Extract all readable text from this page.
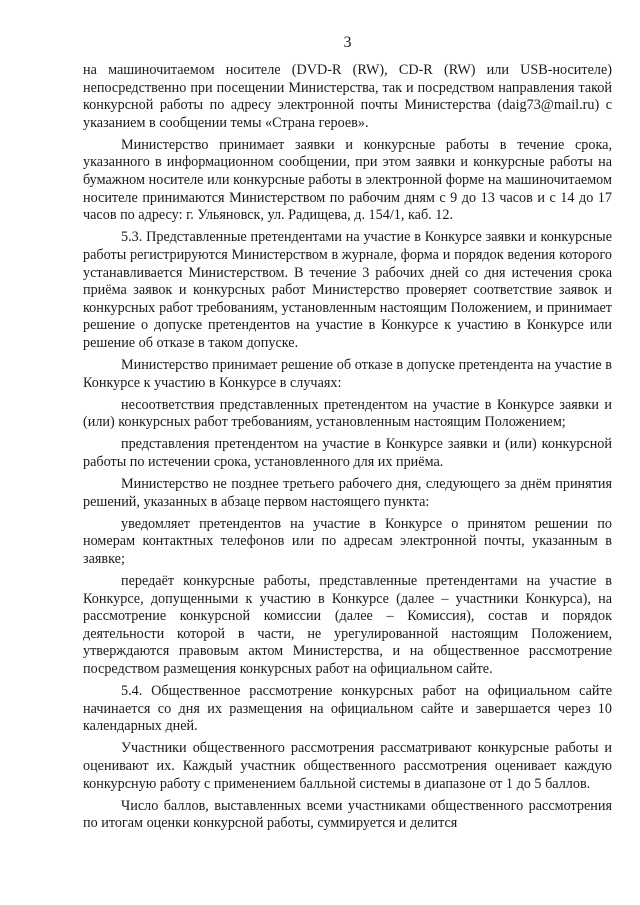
3

на машиночитаемом носителе (DVD-R (RW), CD-R (RW) или USB-носителе) непосредственно при посещении Министерства, так и посредством направления такой конкурсной работы по адресу электронной почты Министерства (daig73@mail.ru) с указанием в сообщении темы «Страна героев».

Министерство принимает заявки и конкурсные работы в течение срока, указанного в информационном сообщении, при этом заявки и конкурсные работы на бумажном носителе или конкурсные работы в электронной форме на машиночитаемом носителе принимаются Министерством по рабочим дням с 9 до 13 часов и с 14 до 17 часов по адресу: г. Ульяновск, ул. Радищева, д. 154/1, каб. 12.

5.3. Представленные претендентами на участие в Конкурсе заявки и конкурсные работы регистрируются Министерством в журнале, форма и порядок ведения которого устанавливается Министерством. В течение 3 рабочих дней со дня истечения срока приёма заявок и конкурсных работ Министерство проверяет соответствие заявок и конкурсных работ требованиям, установленным настоящим Положением, и принимает решение о допуске претендентов на участие в Конкурсе к участию в Конкурсе или решение об отказе в таком допуске.

Министерство принимает решение об отказе в допуске претендента на участие в Конкурсе к участию в Конкурсе в случаях:

несоответствия представленных претендентом на участие в Конкурсе заявки и (или) конкурсных работ требованиям, установленным настоящим Положением;

представления претендентом на участие в Конкурсе заявки и (или) конкурсной работы по истечении срока, установленного для их приёма.

Министерство не позднее третьего рабочего дня, следующего за днём принятия решений, указанных в абзаце первом настоящего пункта:

уведомляет претендентов на участие в Конкурсе о принятом решении по номерам контактных телефонов или по адресам электронной почты, указанным в заявке;

передаёт конкурсные работы, представленные претендентами на участие в Конкурсе, допущенными к участию в Конкурсе (далее – участники Конкурса), на рассмотрение конкурсной комиссии (далее – Комиссия), состав и порядок деятельности которой в части, не урегулированной настоящим Положением, утверждаются правовым актом Министерства, и на общественное рассмотрение посредством размещения конкурсных работ на официальном сайте.

5.4. Общественное рассмотрение конкурсных работ на официальном сайте начинается со дня их размещения на официальном сайте и завершается через 10 календарных дней.

Участники общественного рассмотрения рассматривают конкурсные работы и оценивают их. Каждый участник общественного рассмотрения оценивает каждую конкурсную работу с применением балльной системы в диапазоне от 1 до 5 баллов.

Число баллов, выставленных всеми участниками общественного рассмотрения по итогам оценки конкурсной работы, суммируется и делится
